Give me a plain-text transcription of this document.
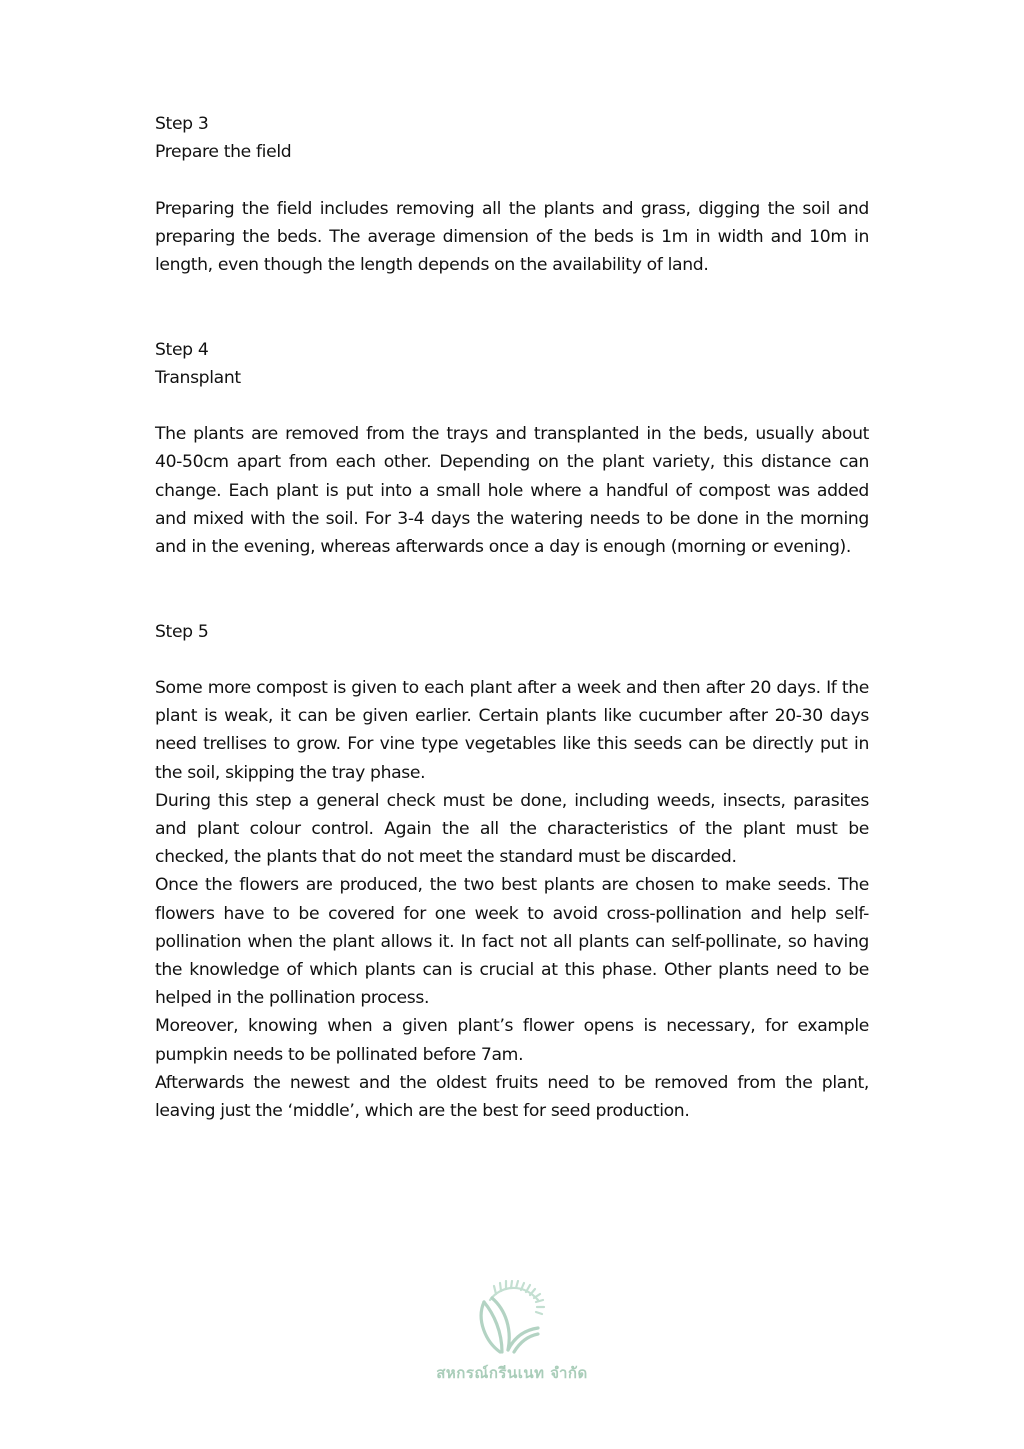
Step 3

Prepare the field

Preparing the field includes removing all the plants and grass, digging the soil and preparing the beds. The average dimension of the beds is 1m in width and 10m in length, even though the length depends on the availability of land.

Step 4

Transplant

The plants are removed from the trays and transplanted in the beds, usually about 40-50cm apart from each other. Depending on the plant variety, this distance can change. Each plant is put into a small hole where a handful of compost was added and mixed with the soil. For 3-4 days the watering needs to be done in the morning and in the evening, whereas afterwards once a day is enough (morning or evening).

Step 5

Some more compost is given to each plant after a week and then after 20 days. If the plant is weak, it can be given earlier. Certain plants like cucumber after 20-30 days need trellises to grow. For vine type vegetables like this seeds can be directly put in the soil, skipping the tray phase.

During this step a general check must be done, including weeds, insects, parasites and plant colour control. Again the all the characteristics of the plant must be checked, the plants that do not meet the standard must be discarded.

Once the flowers are produced, the two best plants are chosen to make seeds. The flowers have to be covered for one week to avoid cross-pollination and help self-pollination when the plant allows it. In fact not all plants can self-pollinate, so having the knowledge of which plants can is crucial at this phase. Other plants need to be helped in the pollination process.

Moreover, knowing when a given plant’s flower opens is necessary, for example pumpkin needs to be pollinated before 7am.

Afterwards the newest and the oldest fruits need to be removed from the plant, leaving just the ‘middle’, which are the best for seed production.

สหกรณ์กรีนเนท จำกัด
